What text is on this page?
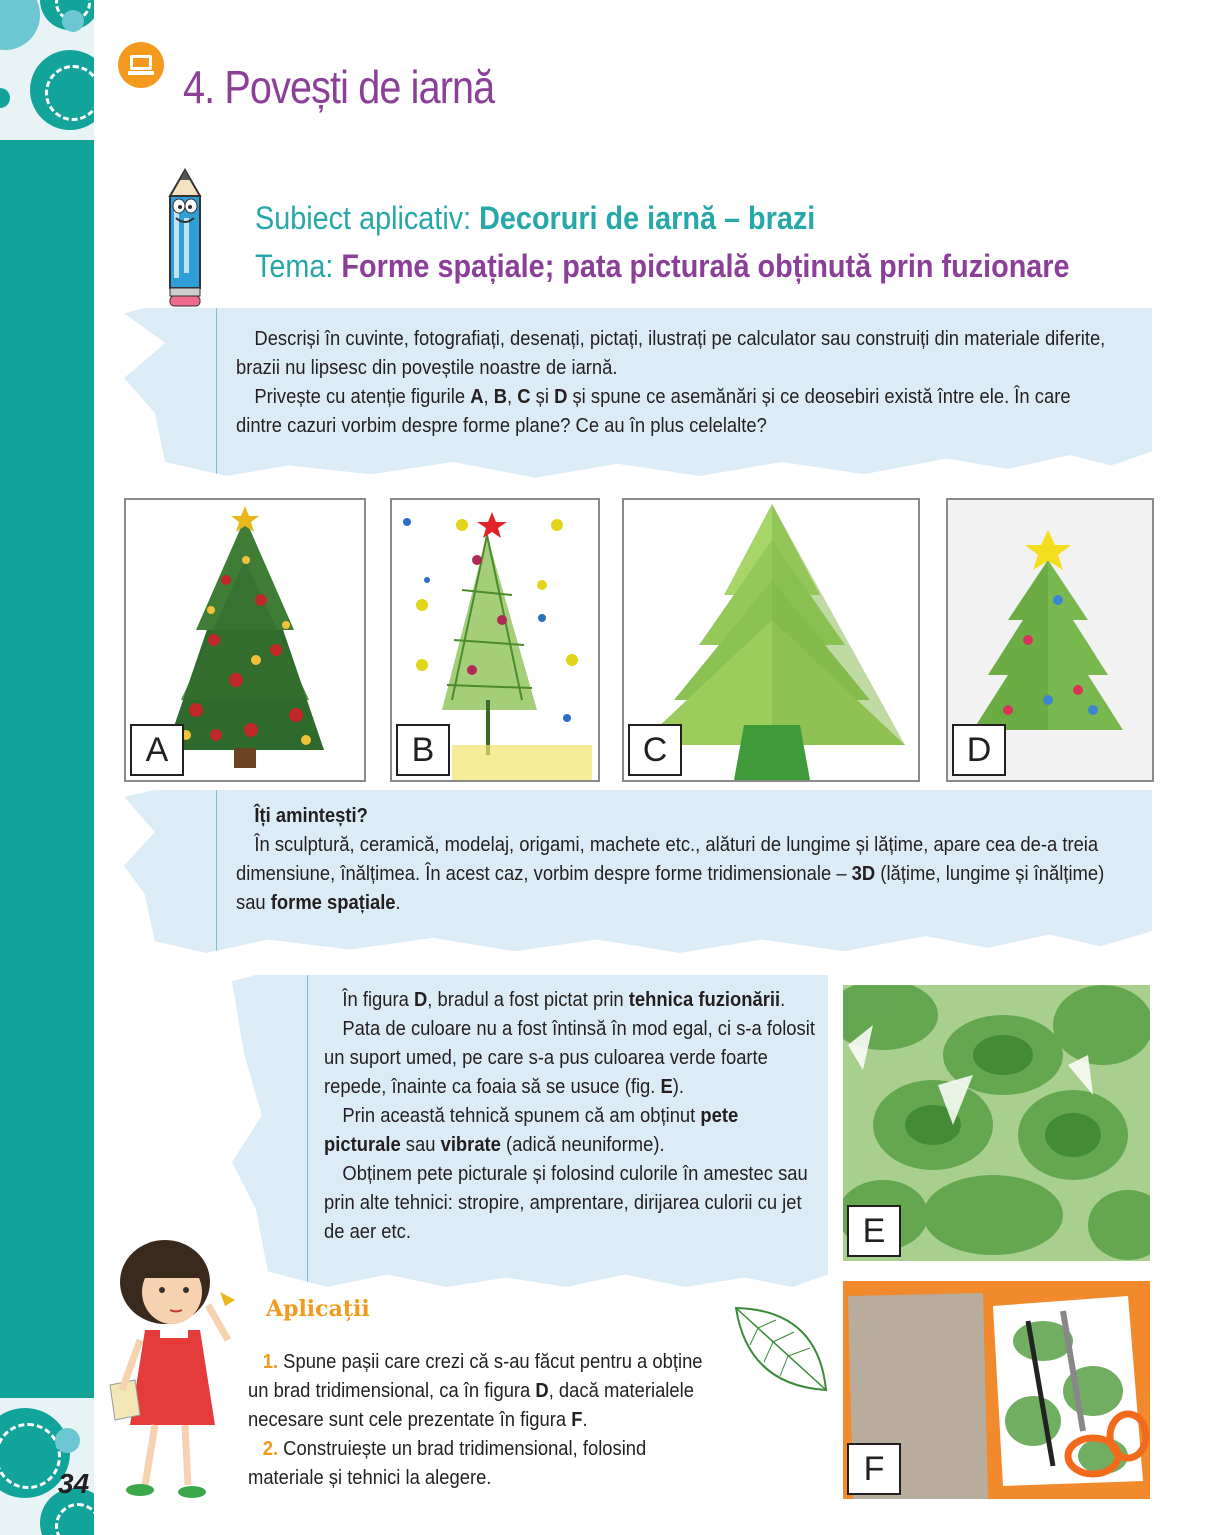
34
4. Povești de iarnă
Subiect aplicativ: Decoruri de iarnă – brazi
Tema: Forme spațiale; pata picturală obținută prin fuzionare
Descriși în cuvinte, fotografiați, desenați, pictați, ilustrați pe calculator sau construiți din materiale diferite, brazii nu lipsesc din poveștile noastre de iarnă.
Privește cu atenție figurile A, B, C și D și spune ce asemănări și ce deosebiri există între ele. În care dintre cazuri vorbim despre forme plane? Ce au în plus celelalte?
A	B	C	D
Îți amintești?
În sculptură, ceramică, modelaj, origami, machete etc., alături de lungime și lățime, apare cea de-a treia dimensiune, înălțimea. În acest caz, vorbim despre forme tridimensionale – 3D (lățime, lungime și înălțime) sau forme spațiale.
În figura D, bradul a fost pictat prin tehnica fuzionării.
Pata de culoare nu a fost întinsă în mod egal, ci s-a folosit un suport umed, pe care s-a pus culoarea verde foarte repede, înainte ca foaia să se usuce (fig. E).
Prin această tehnică spunem că am obținut pete picturale sau vibrate (adică neuniforme).
Obținem pete picturale și folosind culorile în amestec sau prin alte tehnici: stropire, amprentare, dirijarea culorii cu jet de aer etc.	E
F
Aplicații
1. Spune pașii care crezi că s-au făcut pentru a obține un brad tridimensional, ca în figura D, dacă materialele necesare sunt cele prezentate în figura F.
2. Construiește un brad tridimensional, folosind materiale și tehnici la alegere.
